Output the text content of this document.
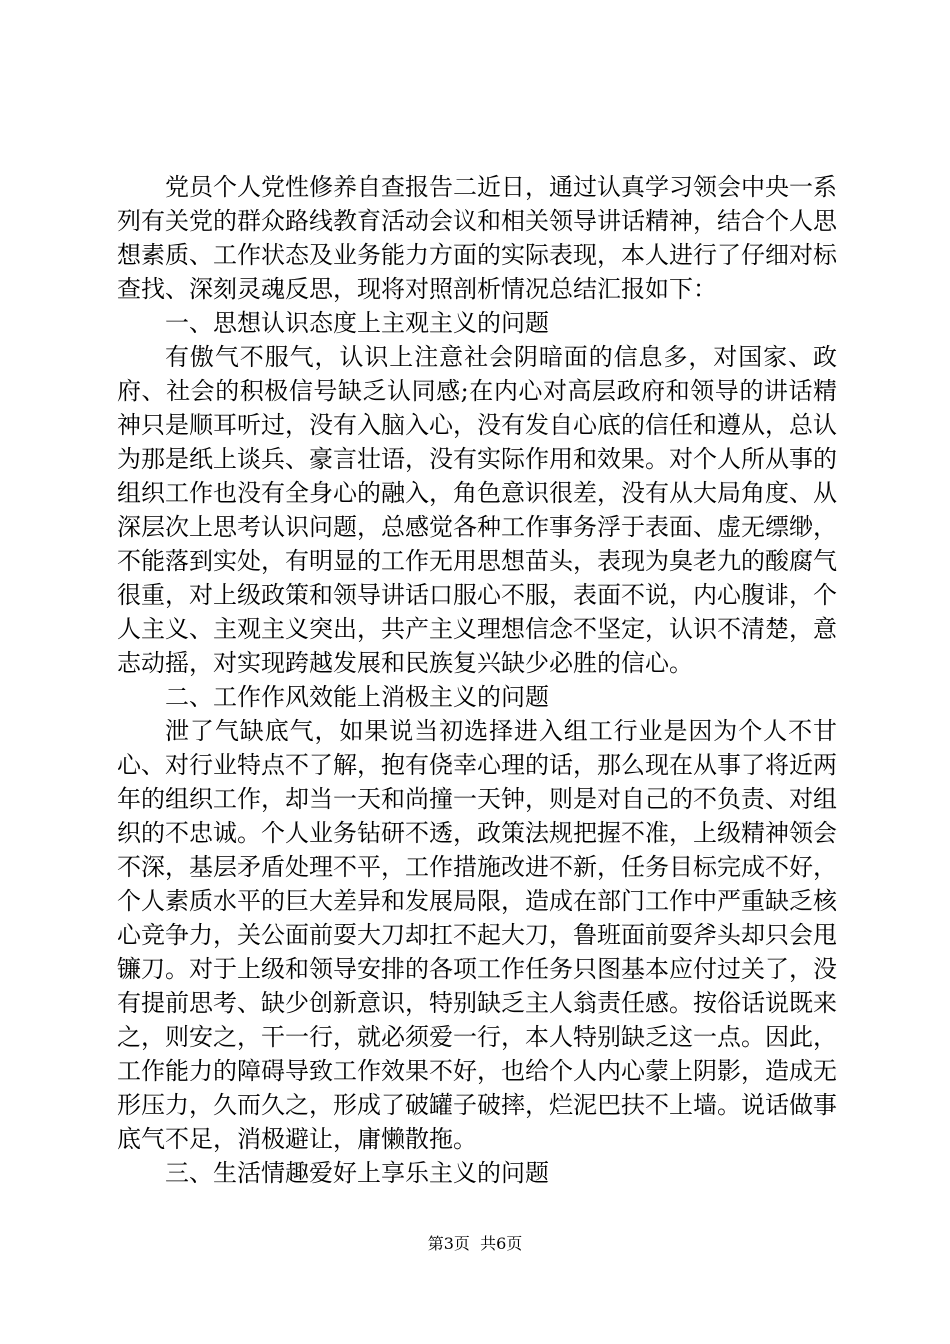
党员个人党性修养自查报告二近日，通过认真学习领会中央一系列有关党的群众路线教育活动会议和相关领导讲话精神，结合个人思想素质、工作状态及业务能力方面的实际表现，本人进行了仔细对标查找、深刻灵魂反思，现将对照剖析情况总结汇报如下：

一、思想认识态度上主观主义的问题

有傲气不服气，认识上注意社会阴暗面的信息多，对国家、政府、社会的积极信号缺乏认同感;在内心对高层政府和领导的讲话精神只是顺耳听过，没有入脑入心，没有发自心底的信任和遵从，总认为那是纸上谈兵、豪言壮语，没有实际作用和效果。对个人所从事的组织工作也没有全身心的融入，角色意识很差，没有从大局角度、从深层次上思考认识问题，总感觉各种工作事务浮于表面、虚无缥缈，不能落到实处，有明显的工作无用思想苗头，表现为臭老九的酸腐气很重，对上级政策和领导讲话口服心不服，表面不说，内心腹诽，个人主义、主观主义突出，共产主义理想信念不坚定，认识不清楚，意志动摇，对实现跨越发展和民族复兴缺少必胜的信心。

二、工作作风效能上消极主义的问题

泄了气缺底气，如果说当初选择进入组工行业是因为个人不甘心、对行业特点不了解，抱有侥幸心理的话，那么现在从事了将近两年的组织工作，却当一天和尚撞一天钟，则是对自己的不负责、对组织的不忠诚。个人业务钻研不透，政策法规把握不准，上级精神领会不深，基层矛盾处理不平，工作措施改进不新，任务目标完成不好，个人素质水平的巨大差异和发展局限，造成在部门工作中严重缺乏核心竞争力，关公面前耍大刀却扛不起大刀，鲁班面前耍斧头却只会甩镰刀。对于上级和领导安排的各项工作任务只图基本应付过关了，没有提前思考、缺少创新意识，特别缺乏主人翁责任感。按俗话说既来之，则安之，干一行，就必须爱一行，本人特别缺乏这一点。因此，工作能力的障碍导致工作效果不好，也给个人内心蒙上阴影，造成无形压力，久而久之，形成了破罐子破摔，烂泥巴扶不上墙。说话做事底气不足，消极避让，庸懒散拖。

三、生活情趣爱好上享乐主义的问题

第3页  共6页
